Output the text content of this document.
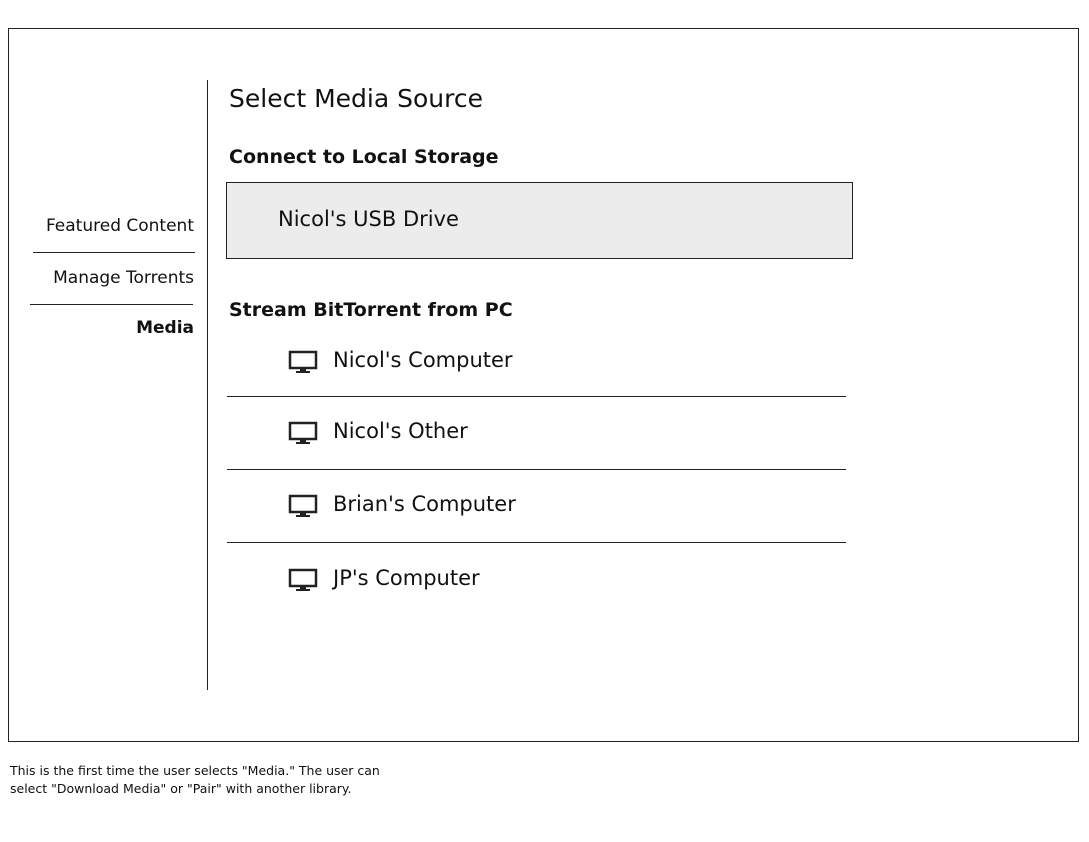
Featured Content
Manage Torrents
Media
Select Media Source
Connect to Local Storage
Nicol's USB Drive
Stream BitTorrent from PC
Nicol's Computer
Nicol's Other
Brian's Computer
JP's Computer
This is the first time the user selects "Media." The user can
select "Download Media" or "Pair" with another library.
